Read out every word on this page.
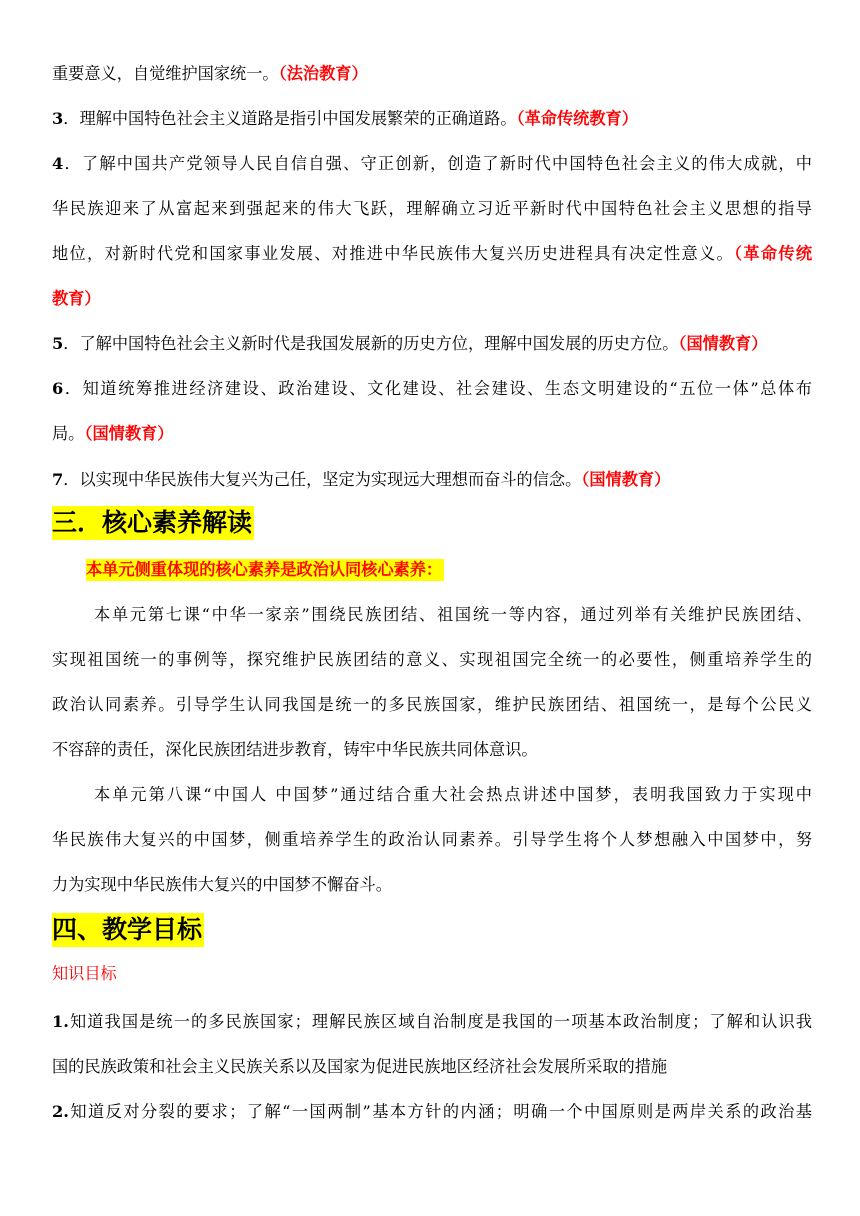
重要意义，自觉维护国家统一。（法治教育）
3．理解中国特色社会主义道路是指引中国发展繁荣的正确道路。（革命传统教育）
4．了解中国共产党领导人民自信自强、守正创新，创造了新时代中国特色社会主义的伟大成就，中
华民族迎来了从富起来到强起来的伟大飞跃，理解确立习近平新时代中国特色社会主义思想的指导
地位，对新时代党和国家事业发展、对推进中华民族伟大复兴历史进程具有决定性意义。（革命传统
教育）
5．了解中国特色社会主义新时代是我国发展新的历史方位，理解中国发展的历史方位。（国情教育）
6．知道统筹推进经济建设、政治建设、文化建设、社会建设、生态文明建设的“五位一体”总体布
局。（国情教育）
7．以实现中华民族伟大复兴为己任，坚定为实现远大理想而奋斗的信念。（国情教育）
三．核心素养解读
本单元侧重体现的核心素养是政治认同核心素养：
本单元第七课“中华一家亲”围绕民族团结、祖国统一等内容，通过列举有关维护民族团结、
实现祖国统一的事例等，探究维护民族团结的意义、实现祖国完全统一的必要性，侧重培养学生的
政治认同素养。引导学生认同我国是统一的多民族国家，维护民族团结、祖国统一，是每个公民义
不容辞的责任，深化民族团结进步教育，铸牢中华民族共同体意识。
本单元第八课“中国人 中国梦”通过结合重大社会热点讲述中国梦，表明我国致力于实现中
华民族伟大复兴的中国梦，侧重培养学生的政治认同素养。引导学生将个人梦想融入中国梦中，努
力为实现中华民族伟大复兴的中国梦不懈奋斗。
四、教学目标
知识目标
1.知道我国是统一的多民族国家；理解民族区域自治制度是我国的一项基本政治制度；了解和认识我
国的民族政策和社会主义民族关系以及国家为促进民族地区经济社会发展所采取的措施
2.知道反对分裂的要求；了解“一国两制”基本方针的内涵；明确一个中国原则是两岸关系的政治基
